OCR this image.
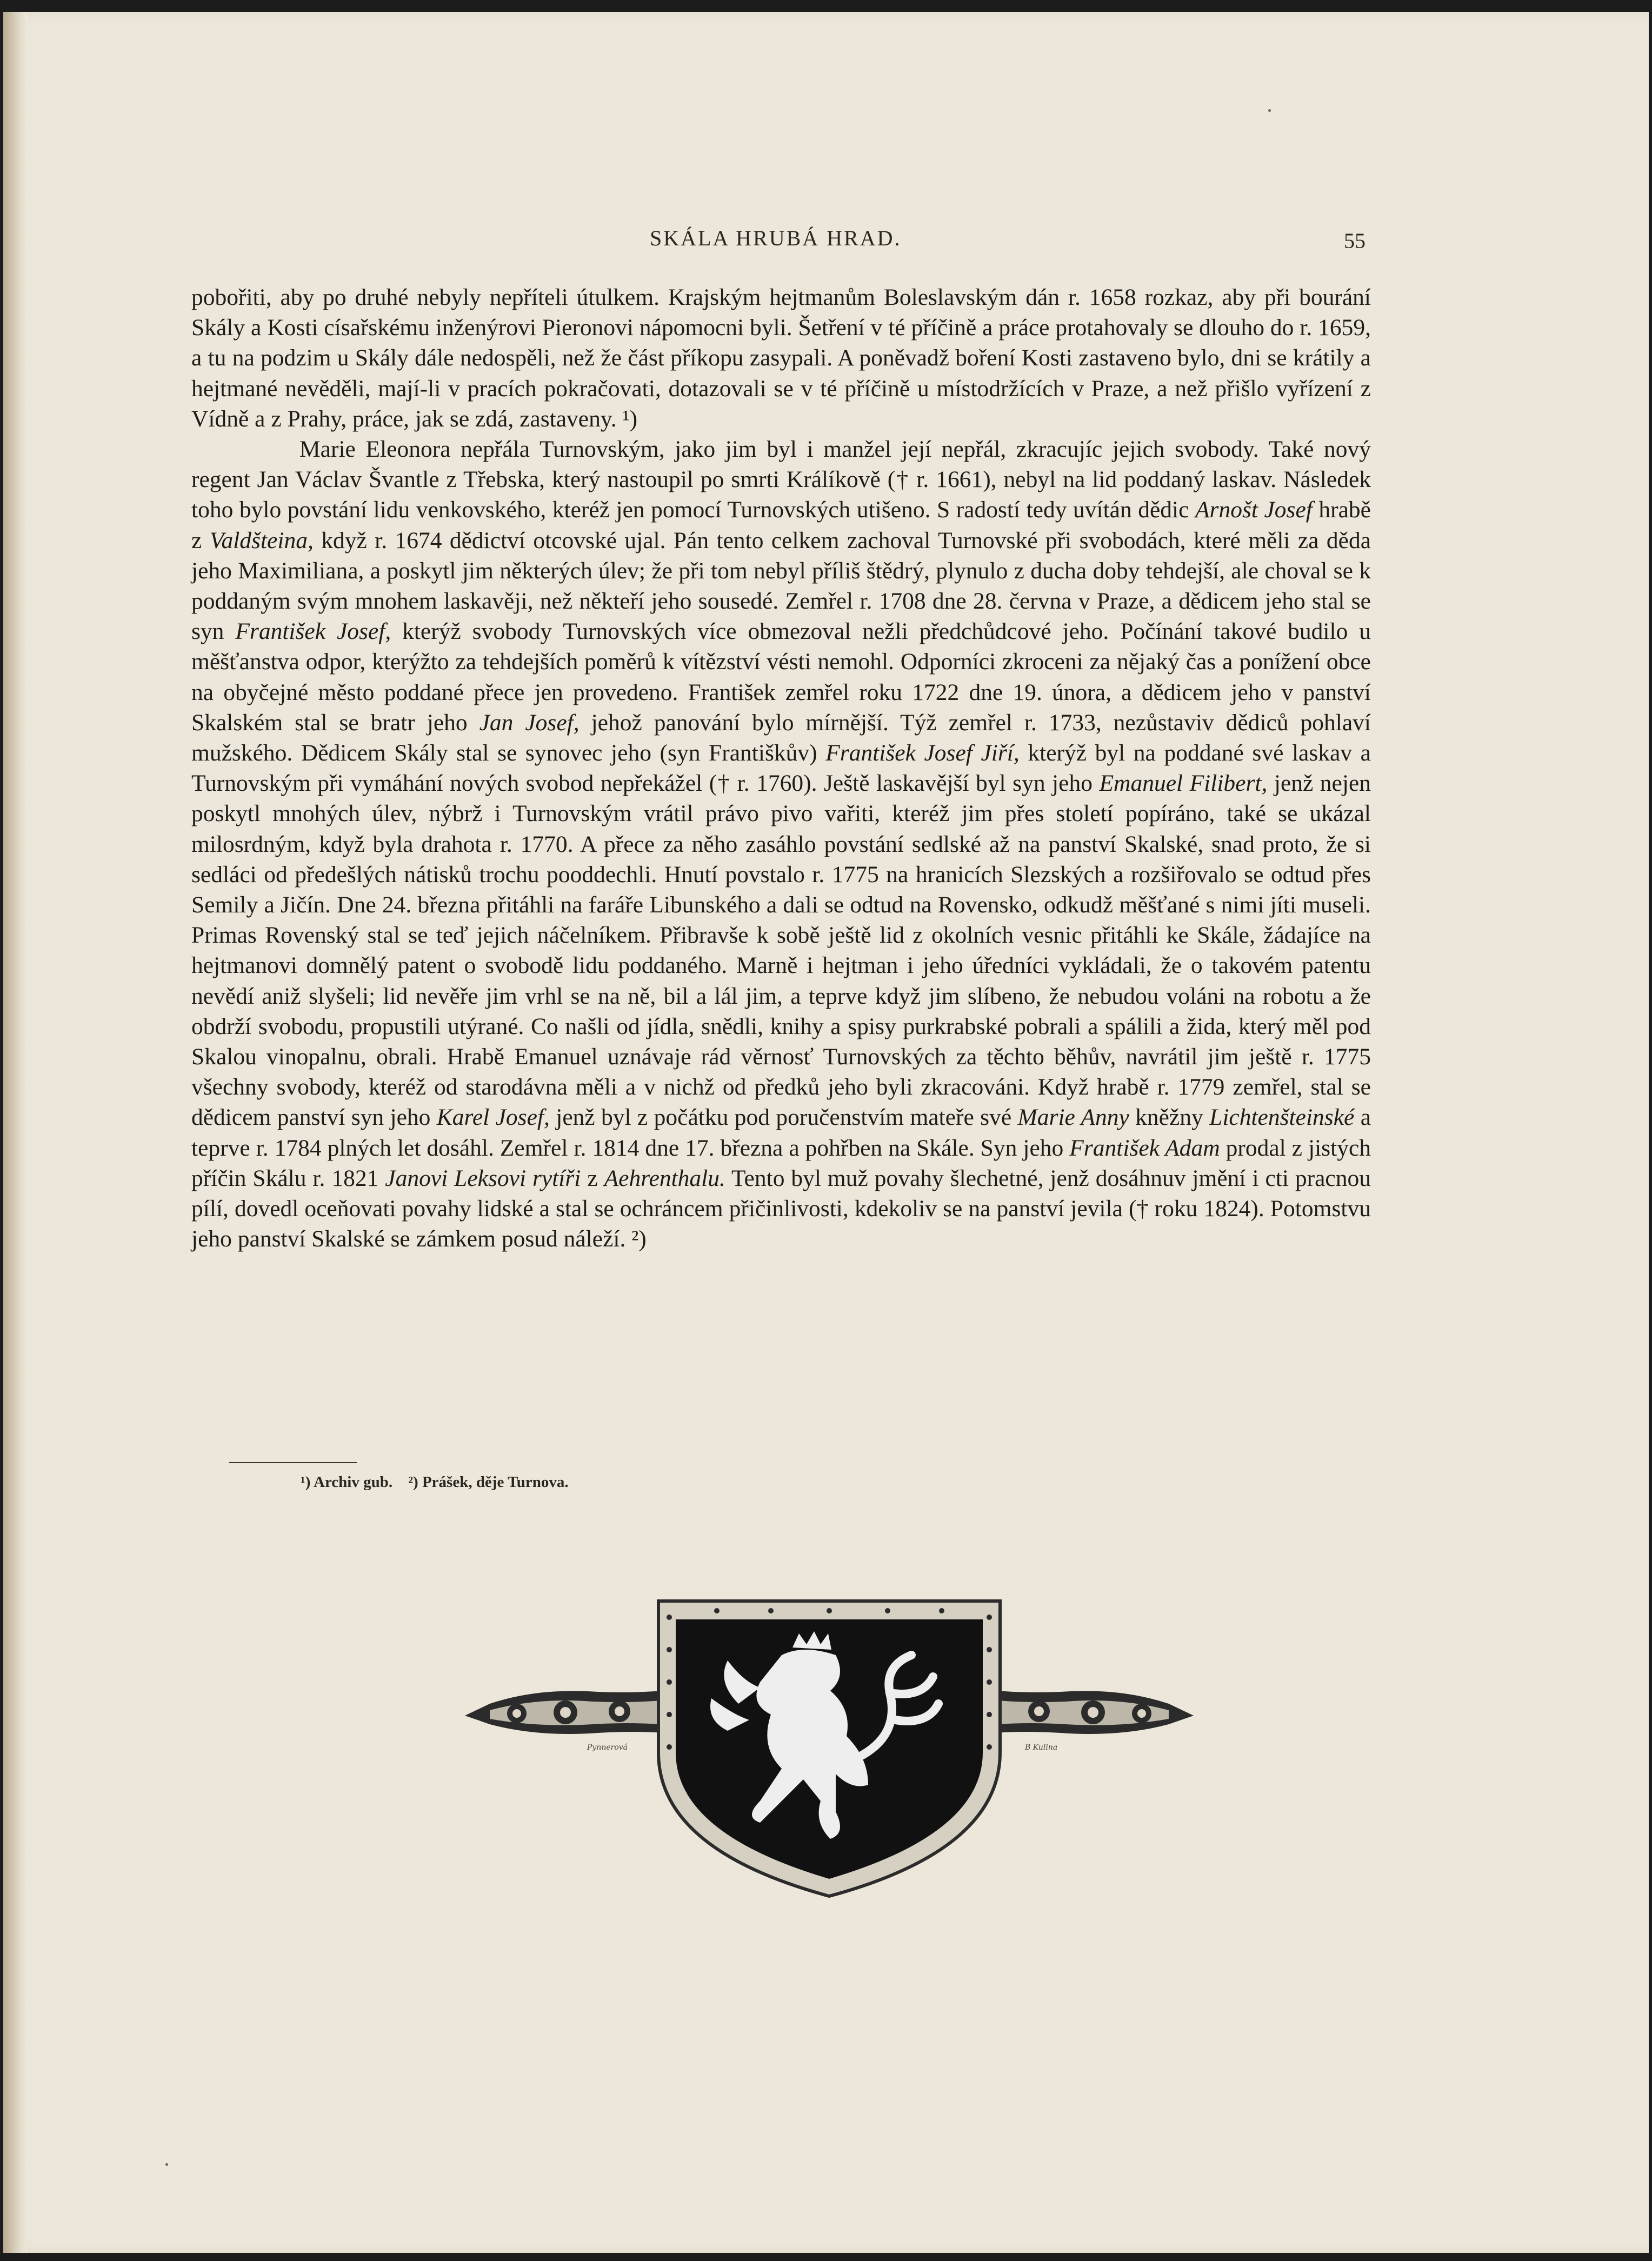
SKÁLA HRUBÁ HRAD.	55

pobořiti, aby po druhé nebyly nepříteli útulkem. Krajským hejtmanům Boleslavským dán r. 1658 rozkaz, aby při bourání Skály a Kosti císařskému inženýrovi Pieronovi nápomocni byli. Šetření v té příčině a práce protahovaly se dlouho do r. 1659, a tu na podzim u Skály dále nedospěli, než že část příkopu zasypali. A poněvadž boření Kosti zastaveno bylo, dni se krátily a hejtmané nevěděli, mají-li v pracích pokračovati, dotazovali se v té příčině u místodržících v Praze, a než přišlo vyřízení z Vídně a z Prahy, práce, jak se zdá, zastaveny. ¹)

Marie Eleonora nepřála Turnovským, jako jim byl i manžel její nepřál, zkracujíc jejich svobody. Také nový regent Jan Václav Švantle z Třebska, který nastoupil po smrti Králíkově († r. 1661), nebyl na lid poddaný laskav. Následek toho bylo povstání lidu venkovského, kteréž jen pomocí Turnovských utišeno. S radostí tedy uvítán dědic Arnošt Josef hrabě z Valdšteina, když r. 1674 dědictví otcovské ujal. Pán tento celkem zachoval Turnovské při svobodách, které měli za děda jeho Maximiliana, a poskytl jim některých úlev; že při tom nebyl příliš štědrý, plynulo z ducha doby tehdejší, ale choval se k poddaným svým mnohem laskavěji, než někteří jeho sousedé. Zemřel r. 1708 dne 28. června v Praze, a dědicem jeho stal se syn František Josef, kterýž svobody Turnovských více obmezoval nežli předchůdcové jeho. Počínání takové budilo u měšťanstva odpor, kterýžto za tehdejších poměrů k vítězství vésti nemohl. Odporníci zkroceni za nějaký čas a ponížení obce na obyčejné město poddané přece jen provedeno. František zemřel roku 1722 dne 19. února, a dědicem jeho v panství Skalském stal se bratr jeho Jan Josef, jehož panování bylo mírnější. Týž zemřel r. 1733, nezůstaviv dědiců pohlaví mužského. Dědicem Skály stal se synovec jeho (syn Františkův) František Josef Jiří, kterýž byl na poddané své laskav a Turnovským při vymáhání nových svobod nepřekážel († r. 1760). Ještě laskavější byl syn jeho Emanuel Filibert, jenž nejen poskytl mnohých úlev, nýbrž i Turnovským vrátil právo pivo vařiti, kteréž jim přes století popíráno, také se ukázal milosrdným, když byla drahota r. 1770. A přece za něho zasáhlo povstání sedlské až na panství Skalské, snad proto, že si sedláci od předešlých nátisků trochu pooddechli. Hnutí povstalo r. 1775 na hranicích Slezských a rozšiřovalo se odtud přes Semily a Jičín. Dne 24. března přitáhli na faráře Libunského a dali se odtud na Rovensko, odkudž měšťané s nimi jíti museli. Primas Rovenský stal se teď jejich náčelníkem. Přibravše k sobě ještě lid z okolních vesnic přitáhli ke Skále, žádajíce na hejtmanovi domnělý patent o svobodě lidu poddaného. Marně i hejtman i jeho úředníci vykládali, že o takovém patentu nevědí aniž slyšeli; lid nevěře jim vrhl se na ně, bil a lál jim, a teprve když jim slíbeno, že nebudou voláni na robotu a že obdrží svobodu, propustili utýrané. Co našli od jídla, snědli, knihy a spisy purkrabské pobrali a spálili a žida, který měl pod Skalou vinopalnu, obrali. Hrabě Emanuel uznávaje rád věrnosť Turnovských za těchto běhův, navrátil jim ještě r. 1775 všechny svobody, kteréž od starodávna měli a v nichž od předků jeho byli zkracováni. Když hrabě r. 1779 zemřel, stal se dědicem panství syn jeho Karel Josef, jenž byl z počátku pod poručenstvím mateře své Marie Anny kněžny Lichtenšteinské a teprve r. 1784 plných let dosáhl. Zemřel r. 1814 dne 17. března a pohřben na Skále. Syn jeho František Adam prodal z jistých příčin Skálu r. 1821 Janovi Leksovi rytíři z Aehrenthalu. Tento byl muž povahy šlechetné, jenž dosáhnuv jmění i cti pracnou pílí, dovedl oceňovati povahy lidské a stal se ochráncem přičinlivosti, kdekoliv se na panství jevila († roku 1824). Potomstvu jeho panství Skalské se zámkem posud náleží. ²)

¹) Archiv gub. ²) Prášek, děje Turnova.
Pynnerová	B Kulina
